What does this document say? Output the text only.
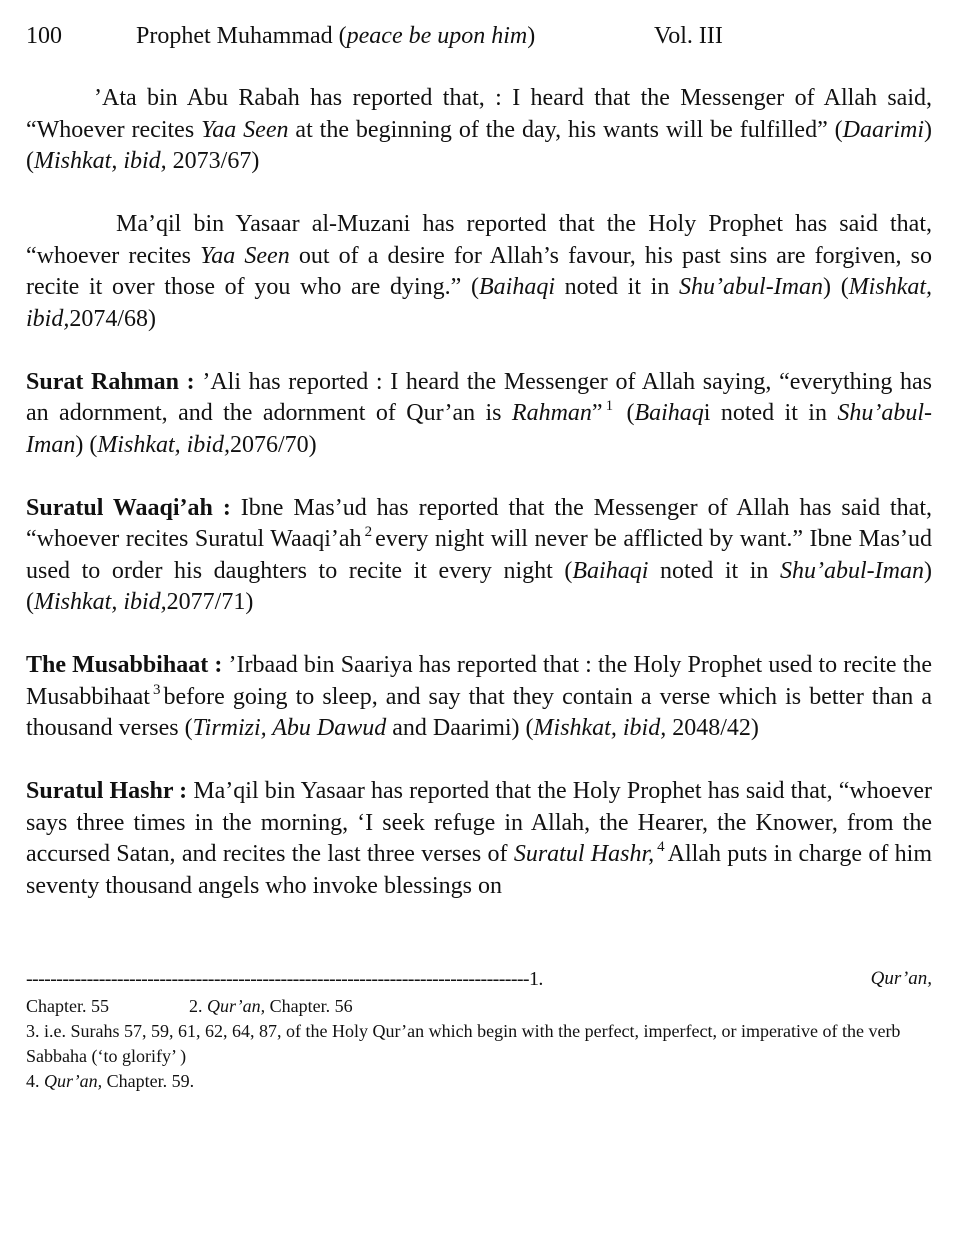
100	Prophet Muhammad (peace be upon him)	Vol. III

’Ata bin Abu Rabah has reported that, : I heard that the Messenger of Allah said, “Whoever recites Yaa Seen at the beginning of the day, his wants will be fulfilled” (Daarimi) (Mishkat, ibid, 2073/67)

Ma’qil bin Yasaar al-Muzani has reported that the Holy Prophet has said that, “whoever recites Yaa Seen out of a desire for Allah’s favour, his past sins are forgiven, so recite it over those of you who are dying.” (Baihaqi noted it in Shu’abul-Iman) (Mishkat, ibid,2074/68)

Surat Rahman : ’Ali has reported : I heard the Messenger of Allah saying, “everything has an adornment, and the adornment of Qur’an is Rahman” $^1$ (Baihaqi noted it in Shu’abul-Iman) (Mishkat, ibid,2076/70)

Suratul Waaqi’ah : Ibne Mas’ud has reported that the Messenger of Allah has said that, “whoever recites Suratul Waaqi’ah $^2$ every night will never be afflicted by want.” Ibne Mas’ud used to order his daughters to recite it every night (Baihaqi noted it in Shu’abul-Iman) (Mishkat, ibid,2077/71)

The Musabbihaat : ’Irbaad bin Saariya has reported that : the Holy Prophet used to recite the Musabbihaat $^3$ before going to sleep, and say that they contain a verse which is better than a thousand verses (Tirmizi, Abu Dawud and Daarimi) (Mishkat, ibid, 2048/42)

Suratul Hashr : Ma’qil bin Yasaar has reported that the Holy Prophet has said that, “whoever says three times in the morning, ‘I seek refuge in Allah, the Hearer, the Knower, from the accursed Satan, and recites the last three verses of Suratul Hashr, $^4$ Allah puts in charge of him seventy thousand angels who invoke blessings on

-----------------------------------------------------------------------------------1.	Qur’an,
Chapter. 55	2. Qur’an, Chapter. 56
3. i.e. Surahs 57, 59, 61, 62, 64, 87, of the Holy Qur’an which begin with the perfect, imperfect, or imperative of the verb Sabbaha (‘to glorify’ )
4. Qur’an, Chapter. 59.
